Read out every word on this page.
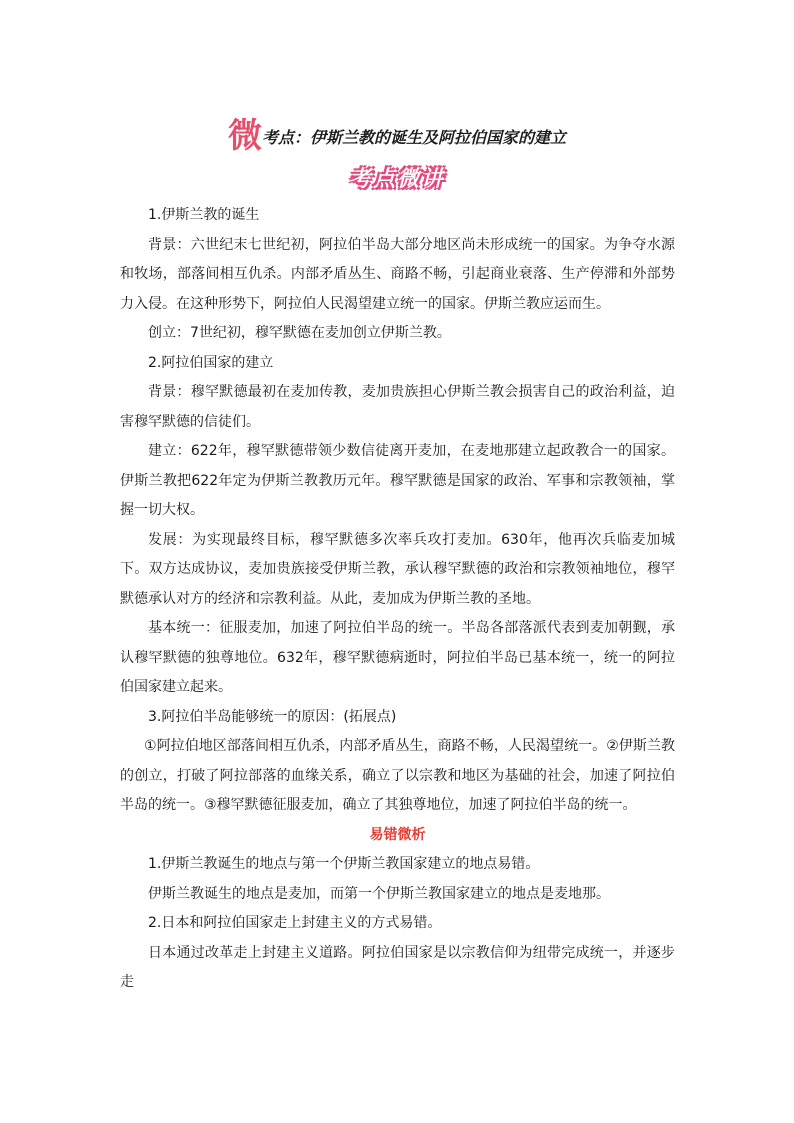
微考点：伊斯兰教的诞生及阿拉伯国家的建立
考点微讲

1.伊斯兰教的诞生

背景：六世纪末七世纪初，阿拉伯半岛大部分地区尚未形成统一的国家。为争夺水源和牧场，部落间相互仇杀。内部矛盾丛生、商路不畅，引起商业衰落、生产停滞和外部势力入侵。在这种形势下，阿拉伯人民渴望建立统一的国家。伊斯兰教应运而生。

创立：7世纪初，穆罕默德在麦加创立伊斯兰教。

2.阿拉伯国家的建立

背景：穆罕默德最初在麦加传教，麦加贵族担心伊斯兰教会损害自己的政治利益，迫害穆罕默德的信徒们。

建立：622年，穆罕默德带领少数信徒离开麦加，在麦地那建立起政教合一的国家。伊斯兰教把622年定为伊斯兰教教历元年。穆罕默德是国家的政治、军事和宗教领袖，掌握一切大权。

发展：为实现最终目标，穆罕默德多次率兵攻打麦加。630年，他再次兵临麦加城下。双方达成协议，麦加贵族接受伊斯兰教，承认穆罕默德的政治和宗教领袖地位，穆罕默德承认对方的经济和宗教利益。从此，麦加成为伊斯兰教的圣地。

基本统一：征服麦加，加速了阿拉伯半岛的统一。半岛各部落派代表到麦加朝觐，承认穆罕默德的独尊地位。632年，穆罕默德病逝时，阿拉伯半岛已基本统一，统一的阿拉伯国家建立起来。

3.阿拉伯半岛能够统一的原因：(拓展点)

①阿拉伯地区部落间相互仇杀，内部矛盾丛生，商路不畅，人民渴望统一。②伊斯兰教的创立，打破了阿拉部落的血缘关系，确立了以宗教和地区为基础的社会，加速了阿拉伯半岛的统一。③穆罕默德征服麦加，确立了其独尊地位，加速了阿拉伯半岛的统一。

易错微析

1.伊斯兰教诞生的地点与第一个伊斯兰教国家建立的地点易错。

伊斯兰教诞生的地点是麦加，而第一个伊斯兰教国家建立的地点是麦地那。

2.日本和阿拉伯国家走上封建主义的方式易错。

日本通过改革走上封建主义道路。阿拉伯国家是以宗教信仰为纽带完成统一，并逐步走
